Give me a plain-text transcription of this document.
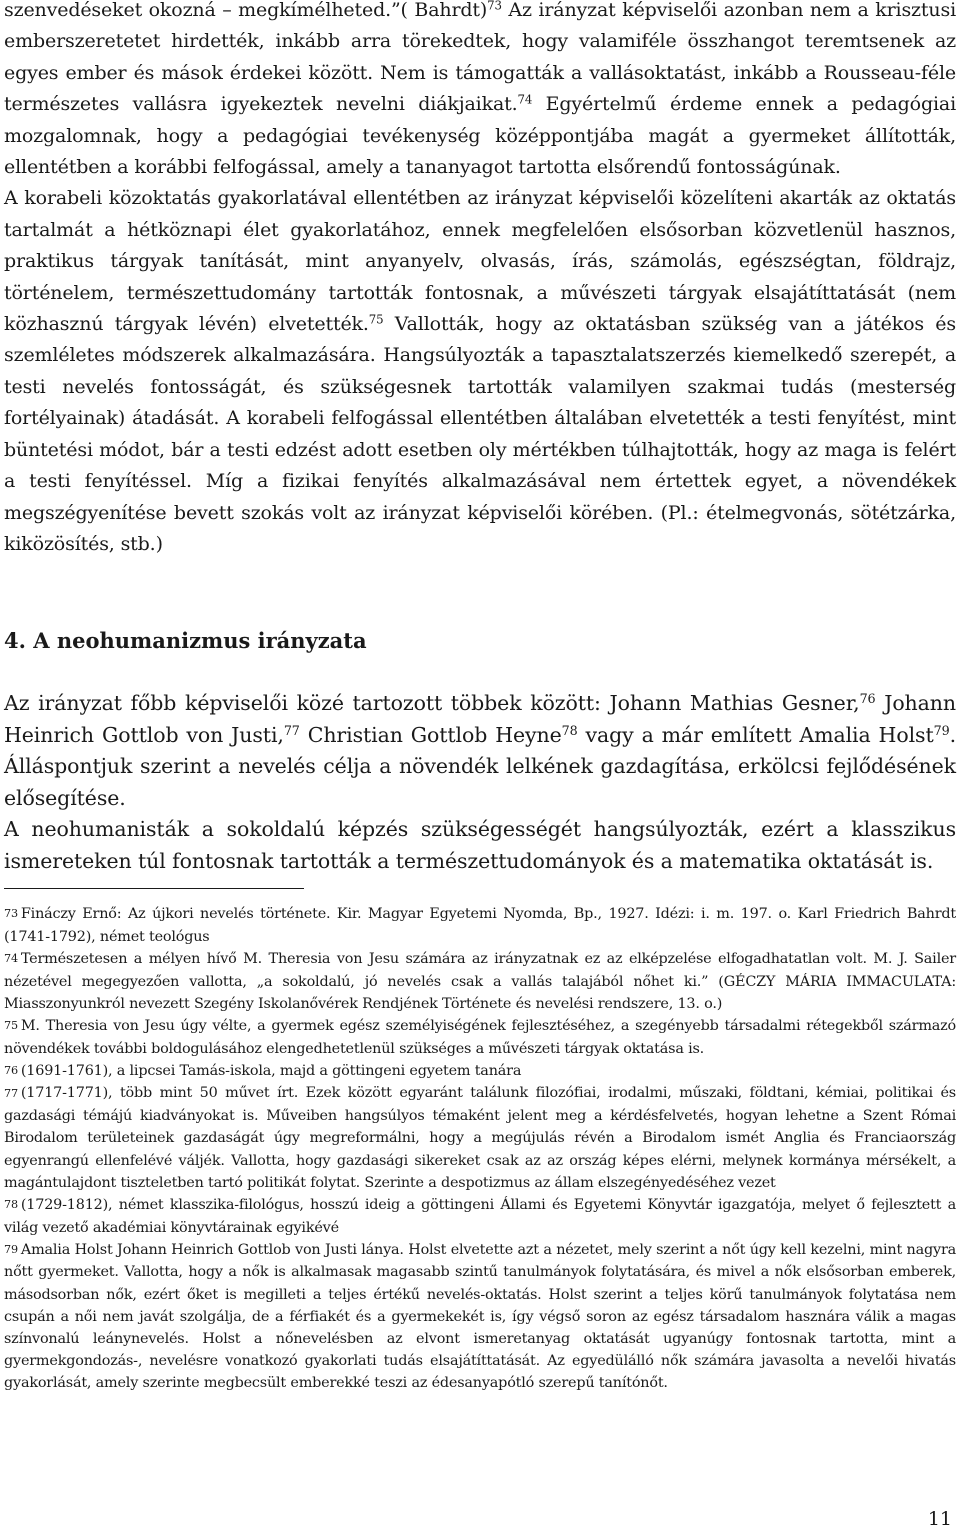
szenvedéseket okozná – megkímélheted.”( Bahrdt)$^{73}$ Az irányzat képviselői azonban nem a krisztusi emberszeretetet hirdették, inkább arra törekedtek, hogy valamiféle összhangot teremtsenek az egyes ember és mások érdekei között. Nem is támogatták a vallásoktatást, inkább a Rousseau-féle természetes vallásra igyekeztek nevelni diákjaikat.$^{74}$ Egyértelmű érdeme ennek a pedagógiai mozgalomnak, hogy a pedagógiai tevékenység középpontjába magát a gyermeket állították, ellentétben a korábbi felfogással, amely a tananyagot tartotta elsőrendű fontosságúnak.

A korabeli közoktatás gyakorlatával ellentétben az irányzat képviselői közelíteni akarták az oktatás tartalmát a hétköznapi élet gyakorlatához, ennek megfelelően elsősorban közvetlenül hasznos, praktikus tárgyak tanítását, mint anyanyelv, olvasás, írás, számolás, egészségtan, földrajz, történelem, természettudomány tartották fontosnak, a művészeti tárgyak elsajátíttatását (nem közhasznú tárgyak lévén) elvetették.$^{75}$ Vallották, hogy az oktatásban szükség van a játékos és szemléletes módszerek alkalmazására. Hangsúlyozták a tapasztalatszerzés kiemelkedő szerepét, a testi nevelés fontosságát, és szükségesnek tartották valamilyen szakmai tudás (mesterség fortélyainak) átadását. A korabeli felfogással ellentétben általában elvetették a testi fenyítést, mint büntetési módot, bár a testi edzést adott esetben oly mértékben túlhajtották, hogy az maga is felért a testi fenyítéssel. Míg a fizikai fenyítés alkalmazásával nem értettek egyet, a növendékek megszégyenítése bevett szokás volt az irányzat képviselői körében. (Pl.: ételmegvonás, sötétzárka, kiközösítés, stb.)

4. A neohumanizmus irányzata

Az irányzat főbb képviselői közé tartozott többek között: Johann Mathias Gesner,$^{76}$ Johann Heinrich Gottlob von Justi,$^{77}$ Christian Gottlob Heyne$^{78}$ vagy a már említett Amalia Holst$^{79}$. Álláspontjuk szerint a nevelés célja a növendék lelkének gazdagítása, erkölcsi fejlődésének elősegítése.

A neohumanisták a sokoldalú képzés szükségességét hangsúlyozták, ezért a klasszikus ismereteken túl fontosnak tartották a természettudományok és a matematika oktatását is.

73 Fináczy Ernő: Az újkori nevelés története. Kir. Magyar Egyetemi Nyomda, Bp., 1927. Idézi: i. m. 197. o. Karl Friedrich Bahrdt (1741-1792), német teológus

74 Természetesen a mélyen hívő M. Theresia von Jesu számára az irányzatnak ez az elképzelése elfogadhatatlan volt. M. J. Sailer nézetével megegyezően vallotta, „a sokoldalú, jó nevelés csak a vallás talajából nőhet ki.” (GÉCZY MÁRIA IMMACULATA: Miasszonyunkról nevezett Szegény Iskolanővérek Rendjének Története és nevelési rendszere, 13. o.)

75 M. Theresia von Jesu úgy vélte, a gyermek egész személyiségének fejlesztéséhez, a szegényebb társadalmi rétegekből származó növendékek további boldogulásához elengedhetetlenül szükséges a művészeti tárgyak oktatása is.

76 (1691-1761), a lipcsei Tamás-iskola, majd a göttingeni egyetem tanára

77 (1717-1771), több mint 50 művet írt. Ezek között egyaránt találunk filozófiai, irodalmi, műszaki, földtani, kémiai, politikai és gazdasági témájú kiadványokat is. Műveiben hangsúlyos témaként jelent meg a kérdésfelvetés, hogyan lehetne a Szent Római Birodalom területeinek gazdaságát úgy megreformálni, hogy a megújulás révén a Birodalom ismét Anglia és Franciaország egyenrangú ellenfelévé váljék. Vallotta, hogy gazdasági sikereket csak az az ország képes elérni, melynek kormánya mérsékelt, a magántulajdont tiszteletben tartó politikát folytat. Szerinte a despotizmus az állam elszegényedéséhez vezet

78 (1729-1812), német klasszika-filológus, hosszú ideig a göttingeni Állami és Egyetemi Könyvtár igazgatója, melyet ő fejlesztett a világ vezető akadémiai könyvtárainak egyikévé

79 Amalia Holst Johann Heinrich Gottlob von Justi lánya. Holst elvetette azt a nézetet, mely szerint a nőt úgy kell kezelni, mint nagyra nőtt gyermeket. Vallotta, hogy a nők is alkalmasak magasabb szintű tanulmányok folytatására, és mivel a nők elsősorban emberek, másodsorban nők, ezért őket is megilleti a teljes értékű nevelés-oktatás. Holst szerint a teljes körű tanulmányok folytatása nem csupán a női nem javát szolgálja, de a férfiakét és a gyermekekét is, így végső soron az egész társadalom hasznára válik a magas színvonalú leánynevelés. Holst a nőnevelésben az elvont ismeretanyag oktatását ugyanúgy fontosnak tartotta, mint a gyermekgondozás-, nevelésre vonatkozó gyakorlati tudás elsajátíttatását. Az egyedülálló nők számára javasolta a nevelői hivatás gyakorlását, amely szerinte megbecsült emberekké teszi az édesanyapótló szerepű tanítónőt.

11
